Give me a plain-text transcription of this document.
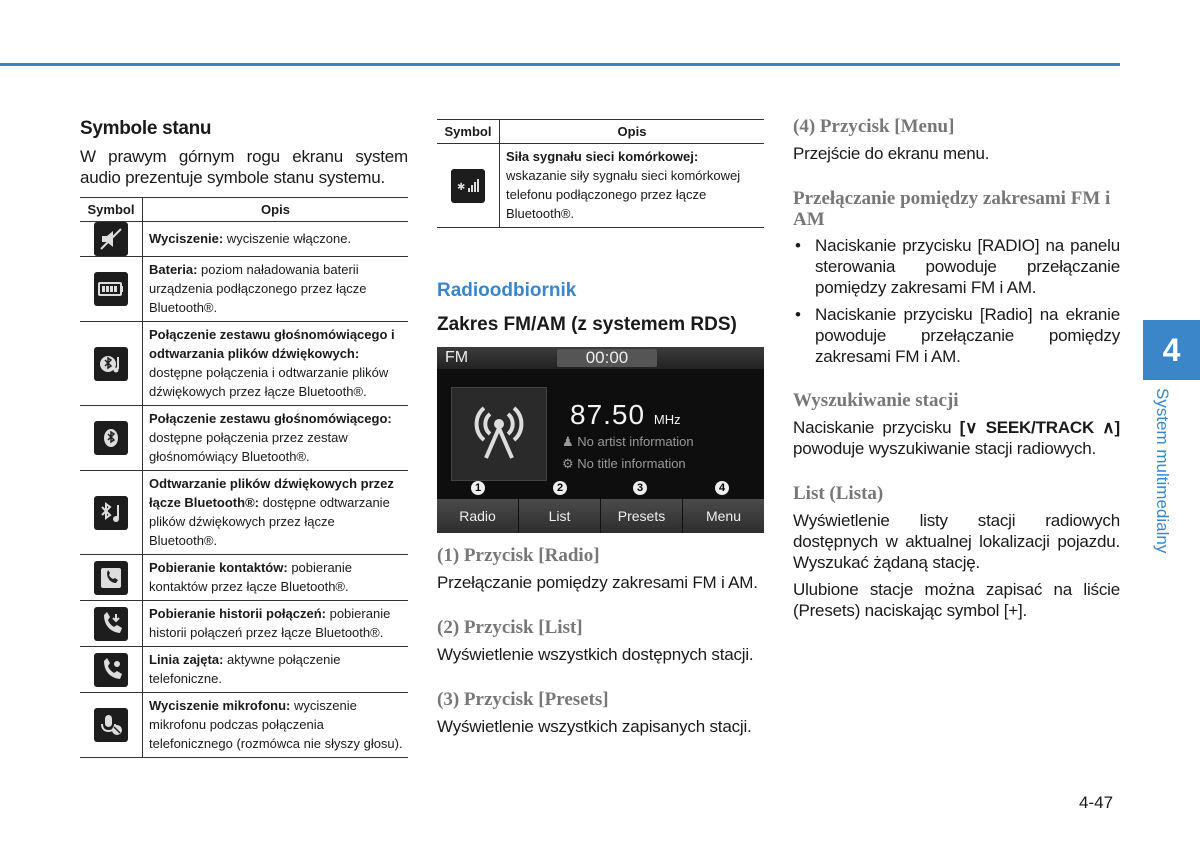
Symbole stanu

W prawym górnym rogu ekranu system audio prezentuje symbole stanu systemu.

Symbol	Opis

	Wyciszenie: wyciszenie włączone.

	Bateria: poziom naładowania baterii urządzenia podłączonego przez łącze Bluetooth®.

	Połączenie zestawu głośnomówiącego i odtwarzania plików dźwiękowych: dostępne połączenia i odtwarzanie plików dźwiękowych przez łącze Bluetooth®.

	Połączenie zestawu głośnomówiącego: dostępne połączenia przez zestaw głośnomówiący Bluetooth®.

	Odtwarzanie plików dźwiękowych przez łącze Bluetooth®: dostępne odtwarzanie plików dźwiękowych przez łącze Bluetooth®.

	Pobieranie kontaktów: pobieranie kontaktów przez łącze Bluetooth®.

	Pobieranie historii połączeń: pobieranie historii połączeń przez łącze Bluetooth®.

	Linia zajęta: aktywne połączenie telefoniczne.

	Wyciszenie mikrofonu: wyciszenie mikrofonu podczas połączenia telefonicznego (rozmówca nie słyszy głosu).
Symbol	Opis

✱	Siła sygnału sieci komórkowej: wskazanie siły sygnału sieci komórkowej telefonu podłączonego przez łącze Bluetooth®.
Radioodbiornik
Zakres FM/AM (z systemem RDS)
FM	00:00
87.50 MHz
♟ No artist information
⚙ No title information
1	2	3	4
Radio	List	Presets	Menu
(1) Przycisk [Radio]

Przełączanie pomiędzy zakresami FM i AM.

(2) Przycisk [List]

Wyświetlenie wszystkich dostępnych stacji.

(3) Przycisk [Presets]

Wyświetlenie wszystkich zapisanych stacji.

(4) Przycisk [Menu]

Przejście do ekranu menu.

Przełączanie pomiędzy zakresami FM i AM
• Naciskanie przycisku [RADIO] na panelu sterowania powoduje przełączanie pomiędzy zakresami FM i AM.
• Naciskanie przycisku [Radio] na ekranie powoduje przełączanie pomiędzy zakresami FM i AM.
Wyszukiwanie stacji

Naciskanie przycisku [∨ SEEK/TRACK ∧] powoduje wyszukiwanie stacji radiowych.

List (Lista)

Wyświetlenie listy stacji radiowych dostępnych w aktualnej lokalizacji pojazdu. Wyszukać żądaną stację.

Ulubione stacje można zapisać na liście (Presets) naciskając symbol [+].

4
System multimedialny
4-47
